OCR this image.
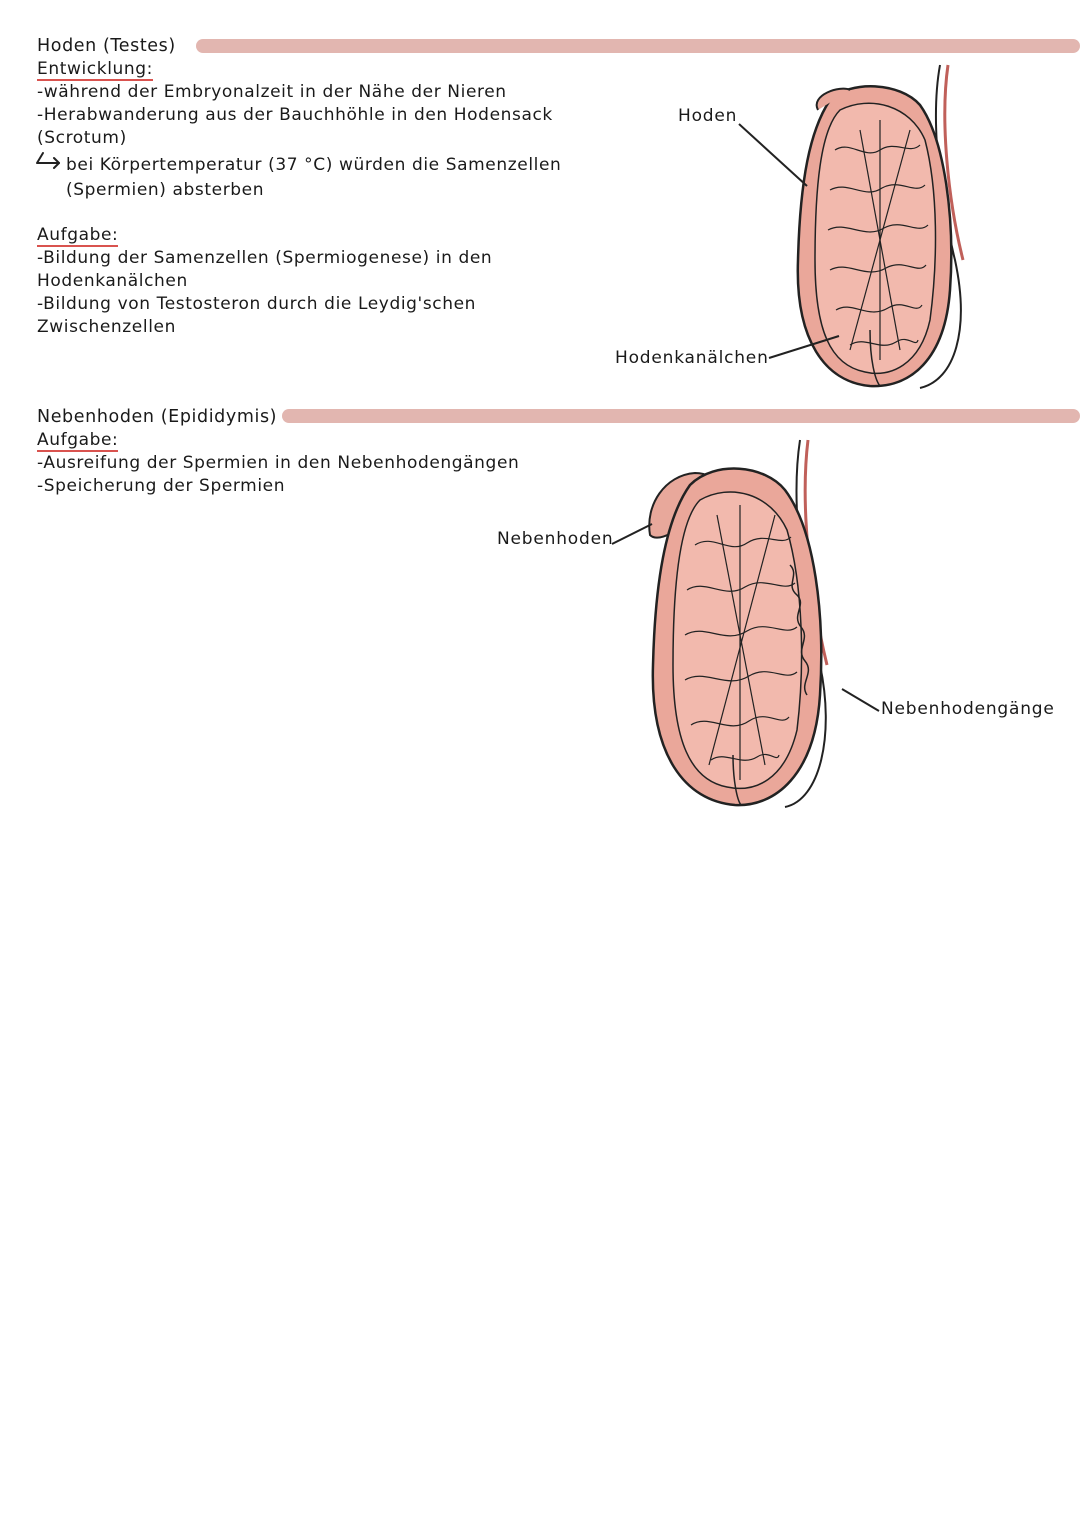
Hoden (Testes)
Entwicklung:
-während der Embryonalzeit in der Nähe der Nieren
-Herabwanderung aus der Bauchhöhle in den Hodensack
(Scrotum)
bei Körpertemperatur (37 °C) würden die Samenzellen
(Spermien) absterben
Aufgabe:
-Bildung der Samenzellen (Spermiogenese) in den
Hodenkanälchen
-Bildung von Testosteron durch die Leydig'schen
Zwischenzellen
Hoden
Hodenkanälchen
Nebenhoden (Epididymis)
Aufgabe:
-Ausreifung der Spermien in den Nebenhodengängen
-Speicherung der Spermien
Nebenhoden
Nebenhodengänge
